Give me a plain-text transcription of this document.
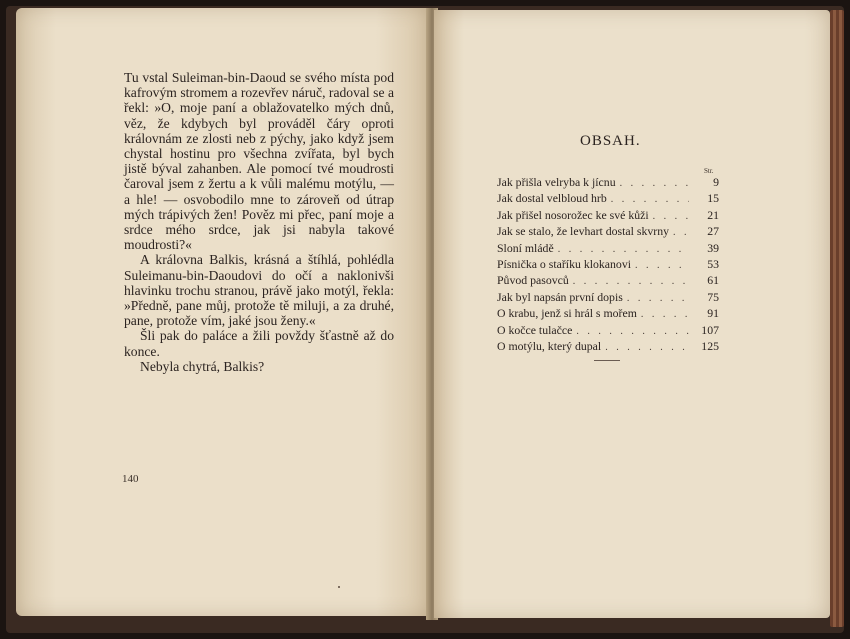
Tu vstal Suleiman-bin-Daoud se svého místa pod kafrovým stromem a rozevřev náruč, radoval se a řekl: »O, moje paní a oblažovatelko mých dnů, věz, že kdybych byl prováděl čáry oproti královnám ze zlosti neb z pýchy, jako když jsem chystal hostinu pro všechna zvířata, byl bych jistě býval zahanben. Ale pomocí tvé moudrosti čaroval jsem z žertu a k vůli malému motýlu, — a hle! — osvobodilo mne to zároveň od útrap mých trápivých žen! Pověz mi přec, paní moje a srdce mého srdce, jak jsi nabyla takové moudrosti?«

A královna Balkis, krásná a štíhlá, pohlédla Suleimanu-bin-Daoudovi do očí a naklonivši hlavinku trochu stranou, právě jako motýl, řekla: »Předně, pane můj, protože tě miluji, a za druhé, pane, protože vím, jaké jsou ženy.«

Šli pak do paláce a žili povždy šťastně až do konce.

Nebyla chytrá, Balkis?

140
OBSAH.
Str.
Jak přišla velryba k jícnu . . .	9
Jak dostal velbloud hrb . . .	15
Jak přišel nosorožec ke své kůži . . .	21
Jak se stalo, že levhart dostal skvrny . . .	27
Sloní mládě . . .	39
Písnička o staříku klokanovi . . .	53
Původ pasovců . . .	61
Jak byl napsán první dopis . . .	75
O krabu, jenž si hrál s mořem . . .	91
O kočce tulačce . . .	107
O motýlu, který dupal . . .	125
